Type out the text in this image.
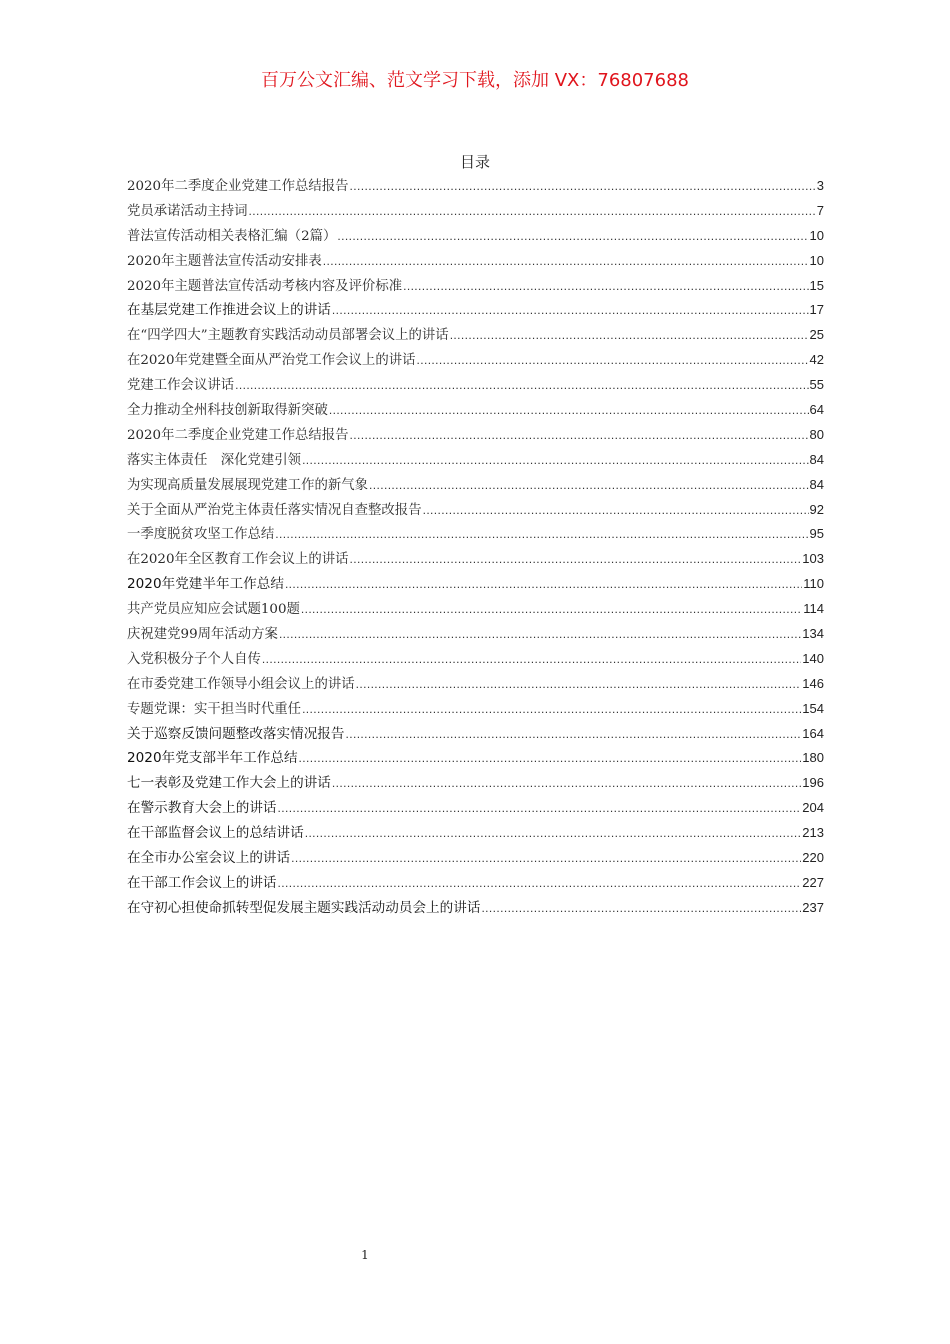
百万公文汇编、范文学习下载，添加 VX：76807688
目录
2020年二季度企业党建工作总结报告 .....	3
党员承诺活动主持词 .....	7
普法宣传活动相关表格汇编（2篇） .....	10
2020年主题普法宣传活动安排表 .....	10
2020年主题普法宣传活动考核内容及评价标准 .....	15
在基层党建工作推进会议上的讲话 .....	17
在“四学四大”主题教育实践活动动员部署会议上的讲话 .....	25
在2020年党建暨全面从严治党工作会议上的讲话 .....	42
党建工作会议讲话 .....	55
全力推动全州科技创新取得新突破 .....	64
2020年二季度企业党建工作总结报告 .....	80
落实主体责任　深化党建引领 .....	84
为实现高质量发展展现党建工作的新气象 .....	84
关于全面从严治党主体责任落实情况自查整改报告 .....	92
一季度脱贫攻坚工作总结 .....	95
在2020年全区教育工作会议上的讲话 .....	103
2020年党建半年工作总结 .....	110
共产党员应知应会试题100题 .....	114
庆祝建党99周年活动方案 .....	134
入党积极分子个人自传 .....	140
在市委党建工作领导小组会议上的讲话 .....	146
专题党课：实干担当时代重任 .....	154
关于巡察反馈问题整改落实情况报告 .....	164
2020年党支部半年工作总结 .....	180
七一表彰及党建工作大会上的讲话 .....	196
在警示教育大会上的讲话 .....	204
在干部监督会议上的总结讲话 .....	213
在全市办公室会议上的讲话 .....	220
在干部工作会议上的讲话 .....	227
在守初心担使命抓转型促发展主题实践活动动员会上的讲话 .....	237
1
